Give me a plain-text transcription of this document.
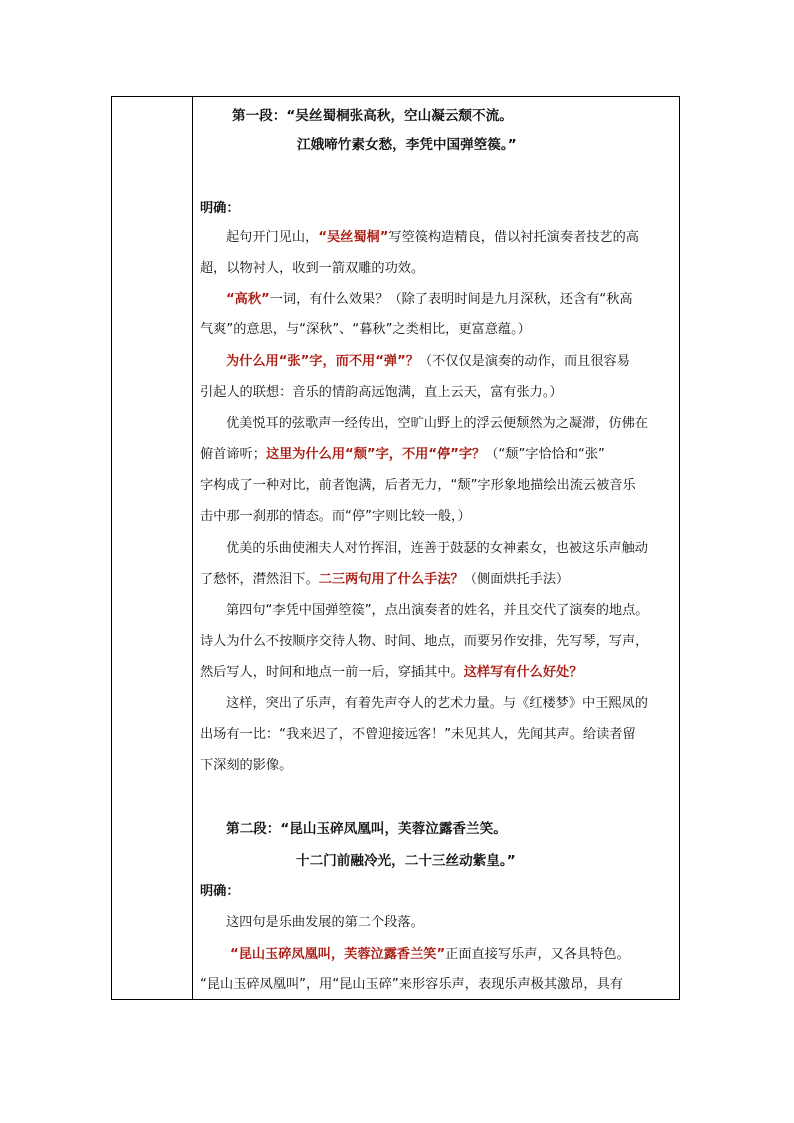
第一段：“吴丝蜀桐张高秋，空山凝云颓不流。
江娥啼竹素女愁，李凭中国弹箜篌。”
明确：
起句开门见山，“吴丝蜀桐”写箜篌构造精良，借以衬托演奏者技艺的高
超，以物衬人，收到一箭双雕的功效。
“高秋”一词，有什么效果？（除了表明时间是九月深秋，还含有“秋高
气爽”的意思，与“深秋”、“暮秋”之类相比，更富意蕴。）
为什么用“张”字，而不用“弹”？（不仅仅是演奏的动作，而且很容易
引起人的联想：音乐的情韵高远饱满，直上云天，富有张力。）
优美悦耳的弦歌声一经传出，空旷山野上的浮云便颓然为之凝滞，仿佛在
俯首谛听；这里为什么用“颓”字，不用“停”字？（“颓”字恰恰和“张”
字构成了一种对比，前者饱满，后者无力，“颓”字形象地描绘出流云被音乐
击中那一刹那的情态。而“停”字则比较一般，）
优美的乐曲使湘夫人对竹挥泪，连善于鼓瑟的女神素女，也被这乐声触动
了愁怀，潸然泪下。二三两句用了什么手法？（侧面烘托手法）
第四句“李凭中国弹箜篌”，点出演奏者的姓名，并且交代了演奏的地点。
诗人为什么不按顺序交待人物、时间、地点，而要另作安排，先写琴，写声，
然后写人，时间和地点一前一后，穿插其中。这样写有什么好处？
这样，突出了乐声，有着先声夺人的艺术力量。与《红楼梦》中王熙凤的
出场有一比：“我来迟了，不曾迎接远客！”未见其人，先闻其声。给读者留
下深刻的影像。
第二段：“昆山玉碎凤凰叫，芙蓉泣露香兰笑。
十二门前融冷光，二十三丝动紫皇。”
明确：
这四句是乐曲发展的第二个段落。
“昆山玉碎凤凰叫，芙蓉泣露香兰笑”正面直接写乐声，又各具特色。
“昆山玉碎凤凰叫”，用“昆山玉碎”来形容乐声，表现乐声极其激昂，具有
